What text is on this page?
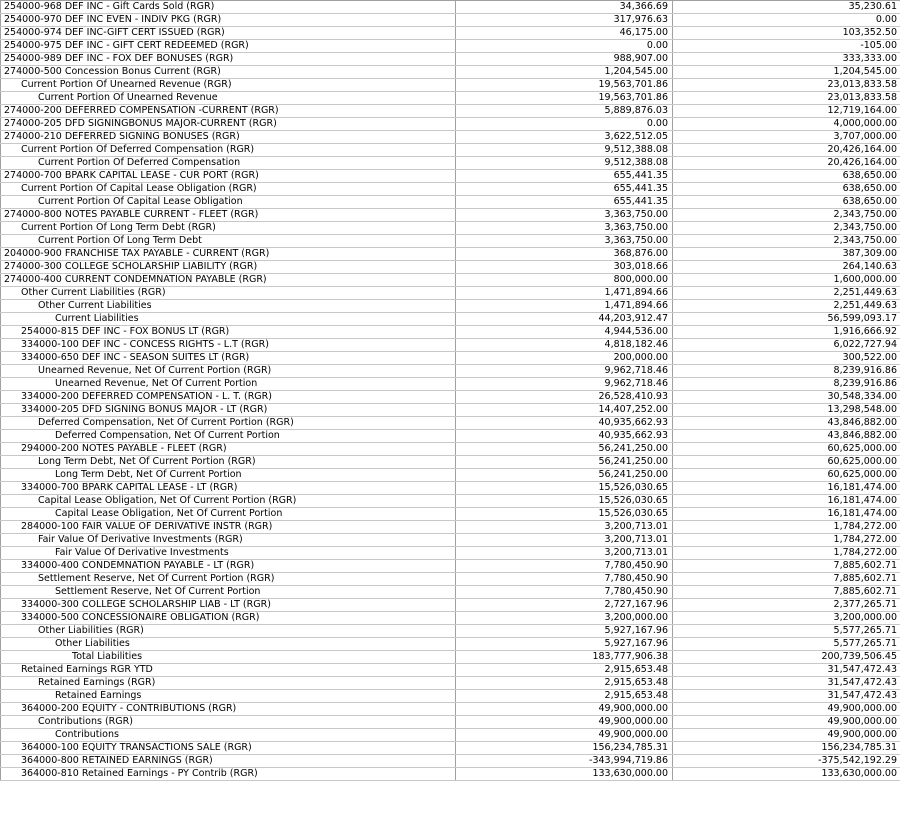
254000-968 DEF INC - Gift Cards Sold (RGR)	34,366.69	35,230.61
254000-970 DEF INC EVEN - INDIV PKG (RGR)	317,976.63	0.00
254000-974 DEF INC-GIFT CERT ISSUED (RGR)	46,175.00	103,352.50
254000-975 DEF INC - GIFT CERT REDEEMED (RGR)	0.00	-105.00
254000-989 DEF INC - FOX DEF BONUSES (RGR)	988,907.00	333,333.00
274000-500 Concession Bonus Current (RGR)	1,204,545.00	1,204,545.00
Current Portion Of Unearned Revenue (RGR)	19,563,701.86	23,013,833.58
Current Portion Of Unearned Revenue	19,563,701.86	23,013,833.58
274000-200 DEFERRED COMPENSATION -CURRENT (RGR)	5,889,876.03	12,719,164.00
274000-205 DFD SIGNINGBONUS MAJOR-CURRENT (RGR)	0.00	4,000,000.00
274000-210 DEFERRED SIGNING BONUSES (RGR)	3,622,512.05	3,707,000.00
Current Portion Of Deferred Compensation (RGR)	9,512,388.08	20,426,164.00
Current Portion Of Deferred Compensation	9,512,388.08	20,426,164.00
274000-700 BPARK CAPITAL LEASE - CUR PORT (RGR)	655,441.35	638,650.00
Current Portion Of Capital Lease Obligation (RGR)	655,441.35	638,650.00
Current Portion Of Capital Lease Obligation	655,441.35	638,650.00
274000-800 NOTES PAYABLE CURRENT - FLEET (RGR)	3,363,750.00	2,343,750.00
Current Portion Of Long Term Debt (RGR)	3,363,750.00	2,343,750.00
Current Portion Of Long Term Debt	3,363,750.00	2,343,750.00
204000-900 FRANCHISE TAX PAYABLE - CURRENT (RGR)	368,876.00	387,309.00
274000-300 COLLEGE SCHOLARSHIP LIABILITY (RGR)	303,018.66	264,140.63
274000-400 CURRENT CONDEMNATION PAYABLE (RGR)	800,000.00	1,600,000.00
Other Current Liabilities (RGR)	1,471,894.66	2,251,449.63
Other Current Liabilities	1,471,894.66	2,251,449.63
Current Liabilities	44,203,912.47	56,599,093.17
254000-815 DEF INC - FOX BONUS LT (RGR)	4,944,536.00	1,916,666.92
334000-100 DEF INC - CONCESS RIGHTS - L.T (RGR)	4,818,182.46	6,022,727.94
334000-650 DEF INC - SEASON SUITES LT (RGR)	200,000.00	300,522.00
Unearned Revenue, Net Of Current Portion (RGR)	9,962,718.46	8,239,916.86
Unearned Revenue, Net Of Current Portion	9,962,718.46	8,239,916.86
334000-200 DEFERRED COMPENSATION - L. T. (RGR)	26,528,410.93	30,548,334.00
334000-205 DFD SIGNING BONUS MAJOR - LT (RGR)	14,407,252.00	13,298,548.00
Deferred Compensation, Net Of Current Portion (RGR)	40,935,662.93	43,846,882.00
Deferred Compensation, Net Of Current Portion	40,935,662.93	43,846,882.00
294000-200 NOTES PAYABLE - FLEET (RGR)	56,241,250.00	60,625,000.00
Long Term Debt, Net Of Current Portion (RGR)	56,241,250.00	60,625,000.00
Long Term Debt, Net Of Current Portion	56,241,250.00	60,625,000.00
334000-700 BPARK CAPITAL LEASE - LT (RGR)	15,526,030.65	16,181,474.00
Capital Lease Obligation, Net Of Current Portion (RGR)	15,526,030.65	16,181,474.00
Capital Lease Obligation, Net Of Current Portion	15,526,030.65	16,181,474.00
284000-100 FAIR VALUE OF DERIVATIVE INSTR (RGR)	3,200,713.01	1,784,272.00
Fair Value Of Derivative Investments (RGR)	3,200,713.01	1,784,272.00
Fair Value Of Derivative Investments	3,200,713.01	1,784,272.00
334000-400 CONDEMNATION PAYABLE - LT (RGR)	7,780,450.90	7,885,602.71
Settlement Reserve, Net Of Current Portion (RGR)	7,780,450.90	7,885,602.71
Settlement Reserve, Net Of Current Portion	7,780,450.90	7,885,602.71
334000-300 COLLEGE SCHOLARSHIP LIAB - LT (RGR)	2,727,167.96	2,377,265.71
334000-500 CONCESSIONAIRE OBLIGATION (RGR)	3,200,000.00	3,200,000.00
Other Liabilities (RGR)	5,927,167.96	5,577,265.71
Other Liabilities	5,927,167.96	5,577,265.71
Total Liabilities	183,777,906.38	200,739,506.45
Retained Earnings RGR YTD	2,915,653.48	31,547,472.43
Retained Earnings (RGR)	2,915,653.48	31,547,472.43
Retained Earnings	2,915,653.48	31,547,472.43
364000-200 EQUITY - CONTRIBUTIONS (RGR)	49,900,000.00	49,900,000.00
Contributions (RGR)	49,900,000.00	49,900,000.00
Contributions	49,900,000.00	49,900,000.00
364000-100 EQUITY TRANSACTIONS SALE (RGR)	156,234,785.31	156,234,785.31
364000-800 RETAINED EARNINGS (RGR)	-343,994,719.86	-375,542,192.29
364000-810 Retained Earnings - PY Contrib (RGR)	133,630,000.00	133,630,000.00
